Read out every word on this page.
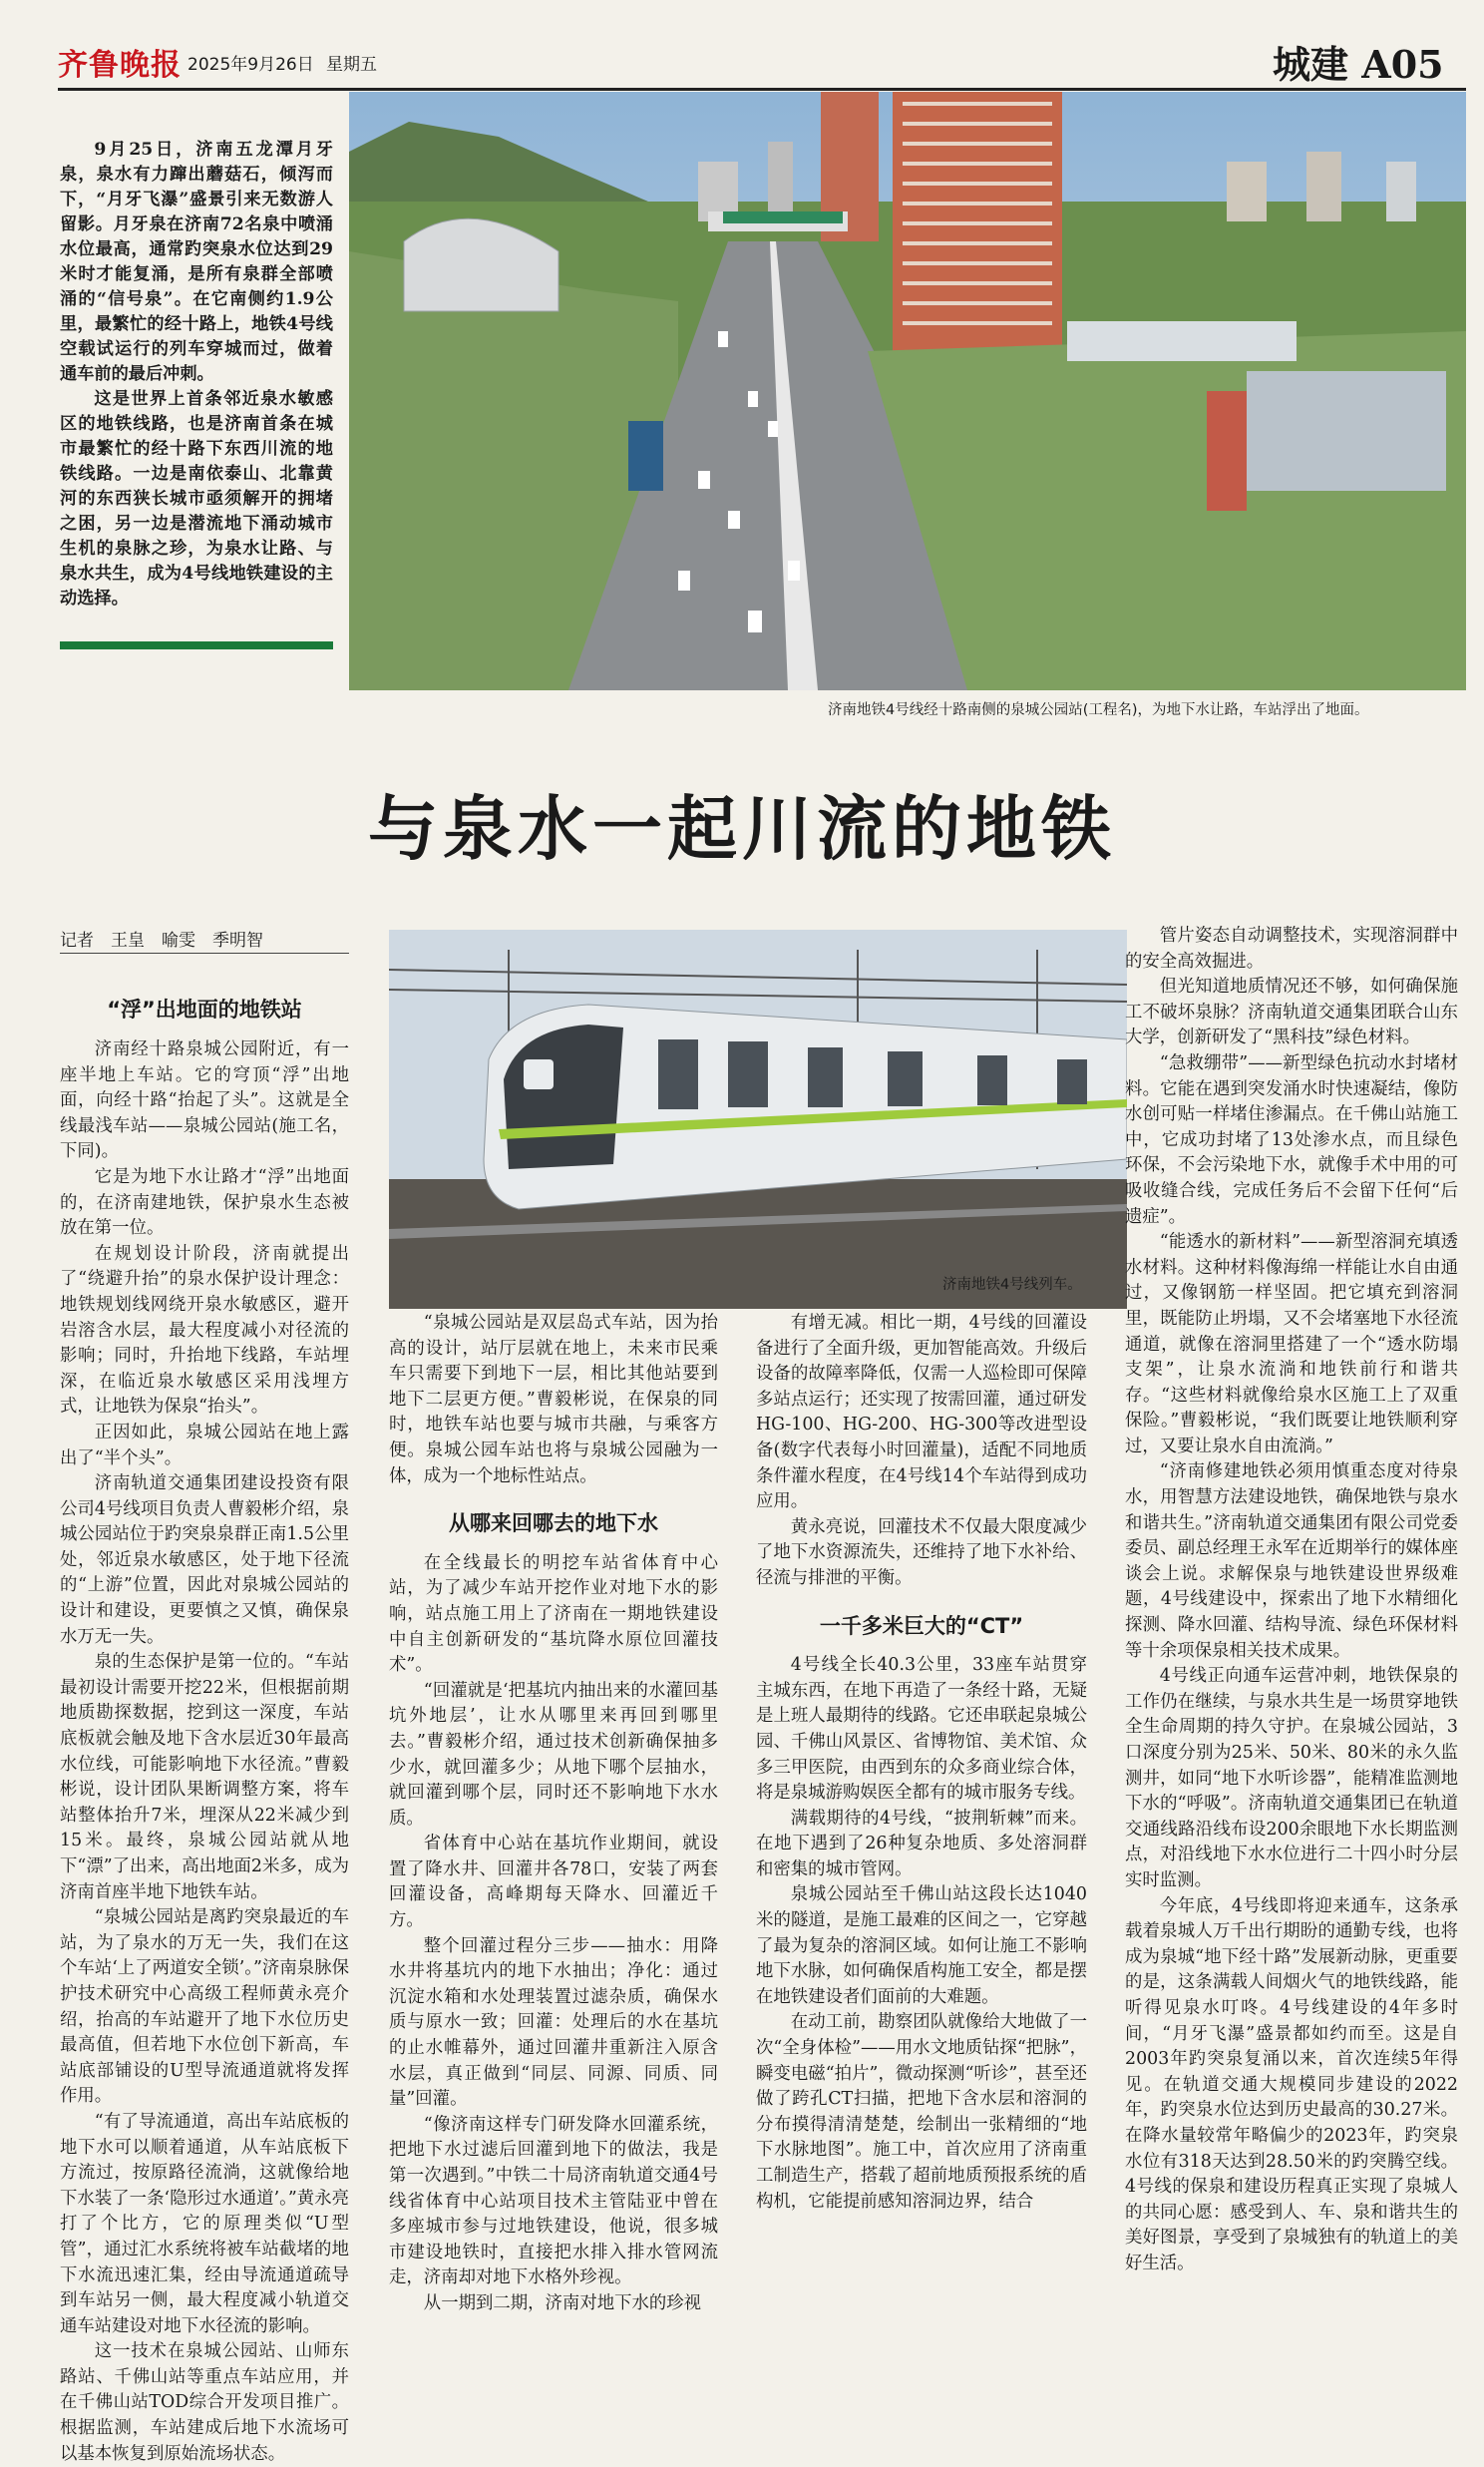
齐鲁晚报 2025年9月26日 星期五	城建 A05

9月25日，济南五龙潭月牙泉，泉水有力蹿出蘑菇石，倾泻而下，“月牙飞瀑”盛景引来无数游人留影。月牙泉在济南72名泉中喷涌水位最高，通常趵突泉水位达到29米时才能复涌，是所有泉群全部喷涌的“信号泉”。在它南侧约1.9公里，最繁忙的经十路上，地铁4号线空载试运行的列车穿城而过，做着通车前的最后冲刺。

这是世界上首条邻近泉水敏感区的地铁线路，也是济南首条在城市最繁忙的经十路下东西川流的地铁线路。一边是南依泰山、北靠黄河的东西狭长城市亟须解开的拥堵之困，另一边是潜流地下涌动城市生机的泉脉之珍，为泉水让路、与泉水共生，成为4号线地铁建设的主动选择。

济南地铁4号线经十路南侧的泉城公园站(工程名)，为地下水让路，车站浮出了地面。
与泉水一起川流的地铁
记者　王皇　喻雯　季明智
“浮”出地面的地铁站

济南经十路泉城公园附近，有一座半地上车站。它的穹顶“浮”出地面，向经十路“抬起了头”。这就是全线最浅车站——泉城公园站(施工名，下同)。

它是为地下水让路才“浮”出地面的，在济南建地铁，保护泉水生态被放在第一位。

在规划设计阶段，济南就提出了“绕避升抬”的泉水保护设计理念：地铁规划线网绕开泉水敏感区，避开岩溶含水层，最大程度减小对径流的影响；同时，升抬地下线路，车站埋深，在临近泉水敏感区采用浅埋方式，让地铁为保泉“抬头”。

正因如此，泉城公园站在地上露出了“半个头”。

济南轨道交通集团建设投资有限公司4号线项目负责人曹毅彬介绍，泉城公园站位于趵突泉泉群正南1.5公里处，邻近泉水敏感区，处于地下径流的“上游”位置，因此对泉城公园站的设计和建设，更要慎之又慎，确保泉水万无一失。

泉的生态保护是第一位的。“车站最初设计需要开挖22米，但根据前期地质勘探数据，挖到这一深度，车站底板就会触及地下含水层近30年最高水位线，可能影响地下水径流。”曹毅彬说，设计团队果断调整方案，将车站整体抬升7米，埋深从22米减少到15米。最终，泉城公园站就从地下“漂”了出来，高出地面2米多，成为济南首座半地下地铁车站。

“泉城公园站是离趵突泉最近的车站，为了泉水的万无一失，我们在这个车站‘上了两道安全锁’。”济南泉脉保护技术研究中心高级工程师黄永亮介绍，抬高的车站避开了地下水位历史最高值，但若地下水位创下新高，车站底部铺设的U型导流通道就将发挥作用。

“有了导流通道，高出车站底板的地下水可以顺着通道，从车站底板下方流过，按原路径流淌，这就像给地下水装了一条‘隐形过水通道’。”黄永亮打了个比方，它的原理类似“U型管”，通过汇水系统将被车站截堵的地下水流迅速汇集，经由导流通道疏导到车站另一侧，最大程度减小轨道交通车站建设对地下水径流的影响。

这一技术在泉城公园站、山师东路站、千佛山站等重点车站应用，并在千佛山站TOD综合开发项目推广。根据监测，车站建成后地下水流场可以基本恢复到原始流场状态。

济南地铁4号线列车。

“泉城公园站是双层岛式车站，因为抬高的设计，站厅层就在地上，未来市民乘车只需要下到地下一层，相比其他站要到地下二层更方便。”曹毅彬说，在保泉的同时，地铁车站也要与城市共融，与乘客方便。泉城公园车站也将与泉城公园融为一体，成为一个地标性站点。

从哪来回哪去的地下水

在全线最长的明挖车站省体育中心站，为了减少车站开挖作业对地下水的影响，站点施工用上了济南在一期地铁建设中自主创新研发的“基坑降水原位回灌技术”。

“回灌就是‘把基坑内抽出来的水灌回基坑外地层’，让水从哪里来再回到哪里去。”曹毅彬介绍，通过技术创新确保抽多少水，就回灌多少；从地下哪个层抽水，就回灌到哪个层，同时还不影响地下水水质。

省体育中心站在基坑作业期间，就设置了降水井、回灌井各78口，安装了两套回灌设备，高峰期每天降水、回灌近千方。

整个回灌过程分三步——抽水：用降水井将基坑内的地下水抽出；净化：通过沉淀水箱和水处理装置过滤杂质，确保水质与原水一致；回灌：处理后的水在基坑的止水帷幕外，通过回灌井重新注入原含水层，真正做到“同层、同源、同质、同量”回灌。

“像济南这样专门研发降水回灌系统，把地下水过滤后回灌到地下的做法，我是第一次遇到。”中铁二十局济南轨道交通4号线省体育中心站项目技术主管陆亚中曾在多座城市参与过地铁建设，他说，很多城市建设地铁时，直接把水排入排水管网流走，济南却对地下水格外珍视。

从一期到二期，济南对地下水的珍视

有增无减。相比一期，4号线的回灌设备进行了全面升级，更加智能高效。升级后设备的故障率降低，仅需一人巡检即可保障多站点运行；还实现了按需回灌，通过研发HG-100、HG-200、HG-300等改进型设备(数字代表每小时回灌量)，适配不同地质条件灌水程度，在4号线14个车站得到成功应用。

黄永亮说，回灌技术不仅最大限度减少了地下水资源流失，还维持了地下水补给、径流与排泄的平衡。

一千多米巨大的“CT”

4号线全长40.3公里，33座车站贯穿主城东西，在地下再造了一条经十路，无疑是上班人最期待的线路。它还串联起泉城公园、千佛山风景区、省博物馆、美术馆、众多三甲医院，由西到东的众多商业综合体，将是泉城游购娱医全都有的城市服务专线。

满载期待的4号线，“披荆斩棘”而来。在地下遇到了26种复杂地质、多处溶洞群和密集的城市管网。

泉城公园站至千佛山站这段长达1040米的隧道，是施工最难的区间之一，它穿越了最为复杂的溶洞区域。如何让施工不影响地下水脉，如何确保盾构施工安全，都是摆在地铁建设者们面前的大难题。

在动工前，勘察团队就像给大地做了一次“全身体检”——用水文地质钻探“把脉”，瞬变电磁“拍片”，微动探测“听诊”，甚至还做了跨孔CT扫描，把地下含水层和溶洞的分布摸得清清楚楚，绘制出一张精细的“地下水脉地图”。施工中，首次应用了济南重工制造生产，搭载了超前地质预报系统的盾构机，它能提前感知溶洞边界，结合

管片姿态自动调整技术，实现溶洞群中的安全高效掘进。

但光知道地质情况还不够，如何确保施工不破坏泉脉？济南轨道交通集团联合山东大学，创新研发了“黑科技”绿色材料。

“急救绷带”——新型绿色抗动水封堵材料。它能在遇到突发涌水时快速凝结，像防水创可贴一样堵住渗漏点。在千佛山站施工中，它成功封堵了13处渗水点，而且绿色环保，不会污染地下水，就像手术中用的可吸收缝合线，完成任务后不会留下任何“后遗症”。

“能透水的新材料”——新型溶洞充填透水材料。这种材料像海绵一样能让水自由通过，又像钢筋一样坚固。把它填充到溶洞里，既能防止坍塌，又不会堵塞地下水径流通道，就像在溶洞里搭建了一个“透水防塌支架”，让泉水流淌和地铁前行和谐共存。“这些材料就像给泉水区施工上了双重保险。”曹毅彬说，“我们既要让地铁顺利穿过，又要让泉水自由流淌。”

“济南修建地铁必须用慎重态度对待泉水，用智慧方法建设地铁，确保地铁与泉水和谐共生。”济南轨道交通集团有限公司党委委员、副总经理王永军在近期举行的媒体座谈会上说。求解保泉与地铁建设世界级难题，4号线建设中，探索出了地下水精细化探测、降水回灌、结构导流、绿色环保材料等十余项保泉相关技术成果。

4号线正向通车运营冲刺，地铁保泉的工作仍在继续，与泉水共生是一场贯穿地铁全生命周期的持久守护。在泉城公园站，3口深度分别为25米、50米、80米的永久监测井，如同“地下水听诊器”，能精准监测地下水的“呼吸”。济南轨道交通集团已在轨道交通线路沿线布设200余眼地下水长期监测点，对沿线地下水水位进行二十四小时分层实时监测。

今年底，4号线即将迎来通车，这条承载着泉城人万千出行期盼的通勤专线，也将成为泉城“地下经十路”发展新动脉，更重要的是，这条满载人间烟火气的地铁线路，能听得见泉水叮咚。4号线建设的4年多时间，“月牙飞瀑”盛景都如约而至。这是自2003年趵突泉复涌以来，首次连续5年得见。在轨道交通大规模同步建设的2022年，趵突泉水位达到历史最高的30.27米。在降水量较常年略偏少的2023年，趵突泉水位有318天达到28.50米的趵突腾空线。4号线的保泉和建设历程真正实现了泉城人的共同心愿：感受到人、车、泉和谐共生的美好图景，享受到了泉城独有的轨道上的美好生活。
